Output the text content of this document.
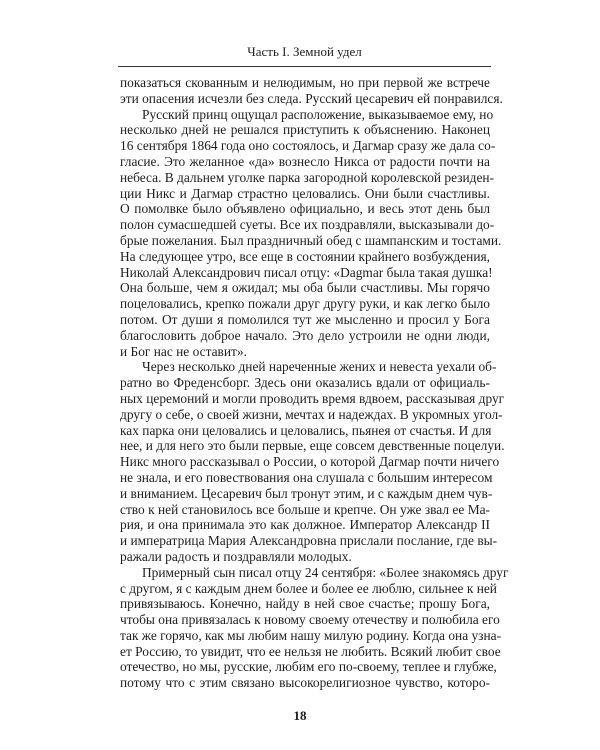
Часть I. Земной удел
показаться скованным и нелюдимым, но при первой же встрече
эти опасения исчезли без следа. Русский цесаревич ей понравился.
Русский принц ощущал расположение, выказываемое ему, но
несколько дней не решался приступить к объяснению. Наконец
16 сентября 1864 года оно состоялось, и Дагмар сразу же дала со-
гласие. Это желанное «да» вознесло Никса от радости почти на
небеса. В дальнем уголке парка загородной королевской резиден-
ции Никс и Дагмар страстно целовались. Они были счастливы.
О помолвке было объявлено официально, и весь этот день был
полон сумасшедшей суеты. Все их поздравляли, высказывали до-
брые пожелания. Был праздничный обед с шампанским и тостами.
На следующее утро, все еще в состоянии крайнего возбуждения,
Николай Александрович писал отцу: «Dagmar была такая душка!
Она больше, чем я ожидал; мы оба были счастливы. Мы горячо
поцеловались, крепко пожали друг другу руки, и как легко было
потом. От души я помолился тут же мысленно и просил у Бога
благословить доброе начало. Это дело устроили не одни люди,
и Бог нас не оставит».
Через несколько дней нареченные жених и невеста уехали об-
ратно во Фреденсборг. Здесь они оказались вдали от официаль-
ных церемоний и могли проводить время вдвоем, рассказывая друг
другу о себе, о своей жизни, мечтах и надеждах. В укромных угол-
ках парка они целовались и целовались, пьянея от счастья. И для
нее, и для него это были первые, еще совсем девственные поцелуи.
Никс много рассказывал о России, о которой Дагмар почти ничего
не знала, и его повествования она слушала с большим интересом
и вниманием. Цесаревич был тронут этим, и с каждым днем чув-
ство к ней становилось все больше и крепче. Он уже звал ее Ма-
рия, и она принимала это как должное. Император Александр II
и императрица Мария Александровна прислали послание, где вы-
ражали радость и поздравляли молодых.
Примерный сын писал отцу 24 сентября: «Более знакомясь друг
с другом, я с каждым днем более и более ее люблю, сильнее к ней
привязываюсь. Конечно, найду в ней свое счастье; прошу Бога,
чтобы она привязалась к новому своему отечеству и полюбила его
так же горячо, как мы любим нашу милую родину. Когда она узна-
ет Россию, то увидит, что ее нельзя не любить. Всякий любит свое
отечество, но мы, русские, любим его по-своему, теплее и глубже,
потому что с этим связано высокорелигиозное чувство, которо-
18
